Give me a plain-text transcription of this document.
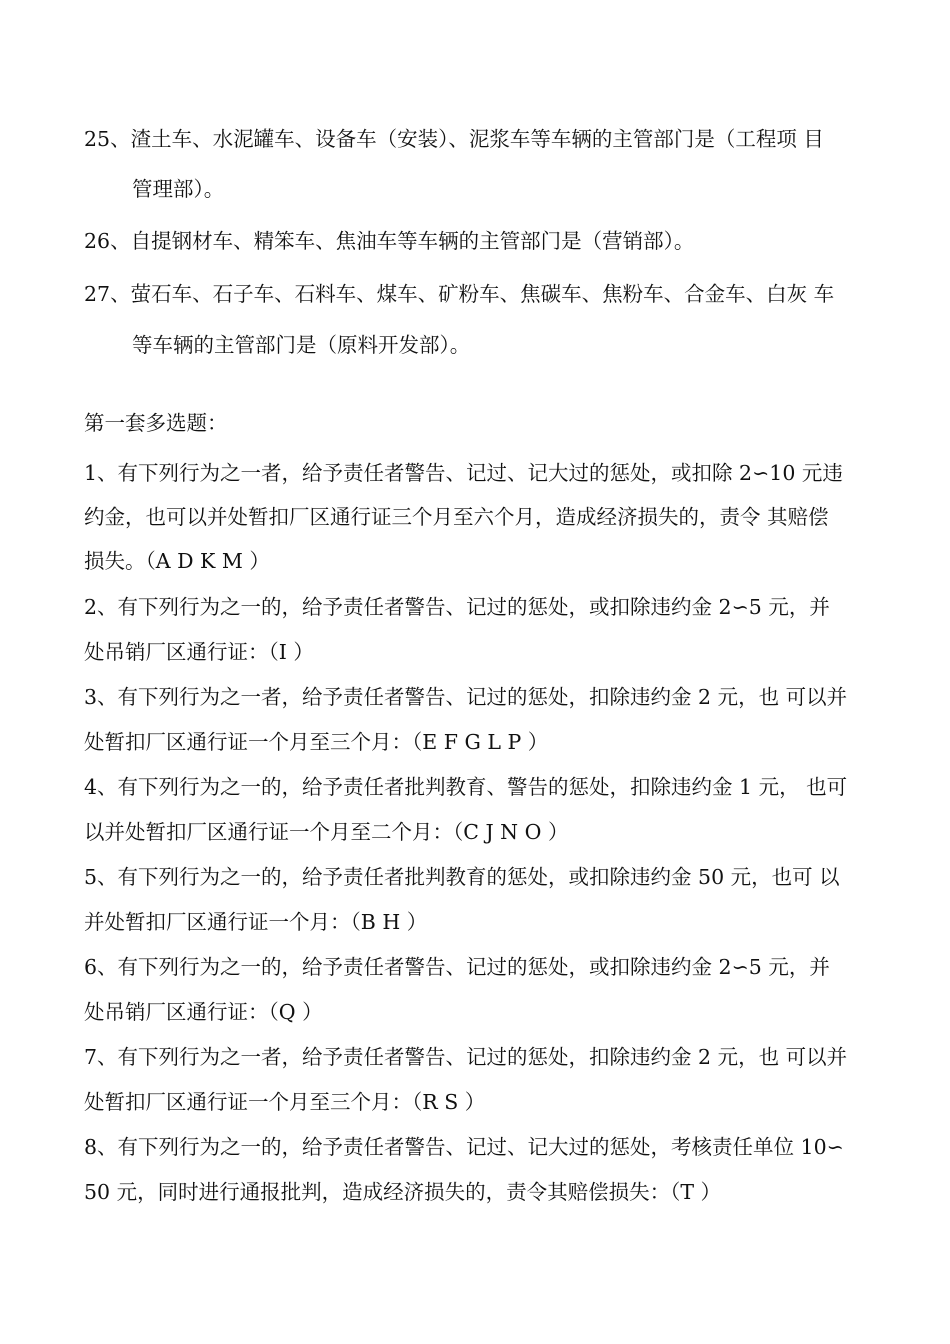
25、渣土车、水泥罐车、设备车（安装）、泥浆车等车辆的主管部门是（工程项 目
管理部）。
26、自提钢材车、精笨车、焦油车等车辆的主管部门是（营销部）。
27、萤石车、石子车、石料车、煤车、矿粉车、焦碳车、焦粉车、合金车、白灰 车
等车辆的主管部门是（原料开发部）。
第一套多选题：
1、有下列行为之一者，给予责任者警告、记过、记大过的惩处，或扣除 2∽10 元违
约金，也可以并处暂扣厂区通行证三个月至六个月，造成经济损失的，责令 其赔偿
损失。（A D K M ）
2、有下列行为之一的，给予责任者警告、记过的惩处，或扣除违约金 2∽5 元，并
处吊销厂区通行证：（I ）
3、有下列行为之一者，给予责任者警告、记过的惩处，扣除违约金 2 元，也 可以并
处暂扣厂区通行证一个月至三个月：（E F G L P ）
4、有下列行为之一的，给予责任者批判教育、警告的惩处，扣除违约金 1 元， 也可
以并处暂扣厂区通行证一个月至二个月：（C J N O ）
5、有下列行为之一的，给予责任者批判教育的惩处，或扣除违约金 50 元，也可 以
并处暂扣厂区通行证一个月：（B H ）
6、有下列行为之一的，给予责任者警告、记过的惩处，或扣除违约金 2∽5 元，并
处吊销厂区通行证：（Q ）
7、有下列行为之一者，给予责任者警告、记过的惩处，扣除违约金 2 元，也 可以并
处暂扣厂区通行证一个月至三个月：（R S ）
8、有下列行为之一的，给予责任者警告、记过、记大过的惩处，考核责任单位 10∽
50 元，同时进行通报批判，造成经济损失的，责令其赔偿损失：（T ）
